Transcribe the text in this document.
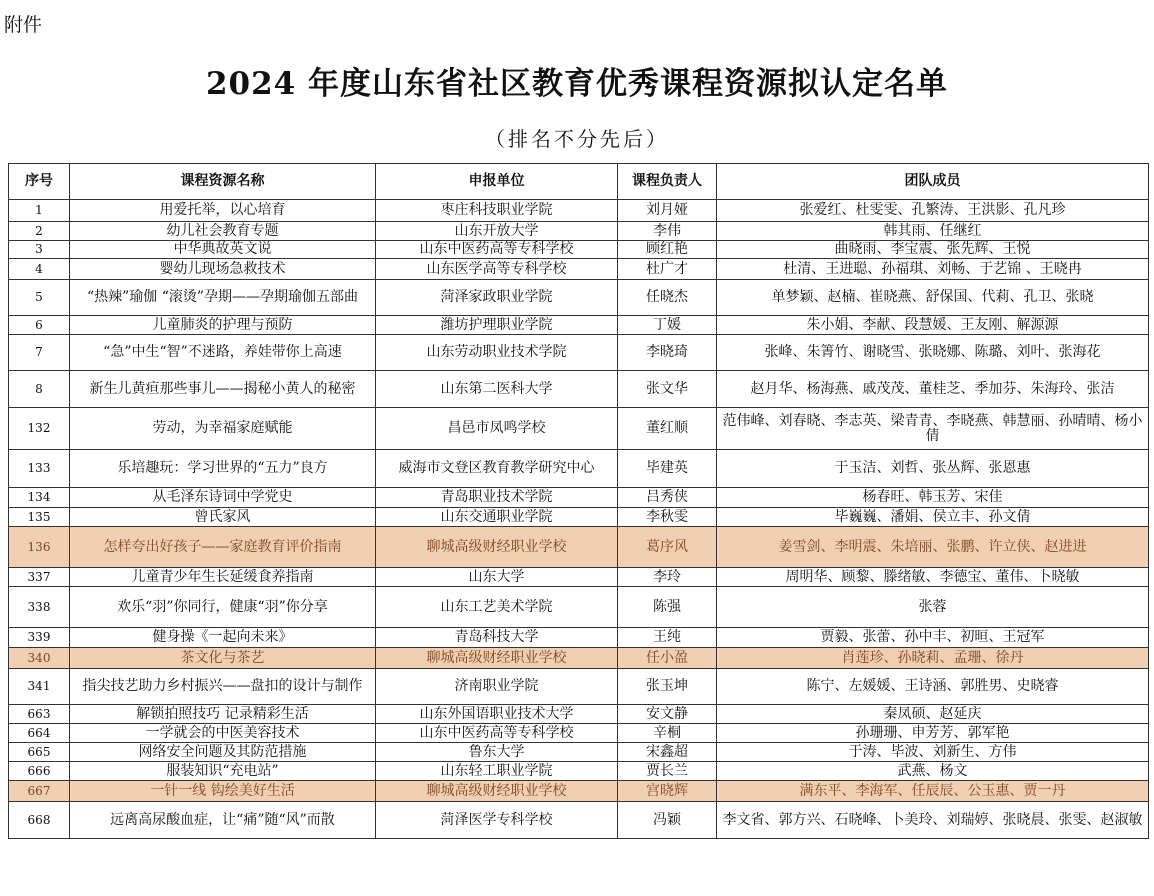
附件
2024 年度山东省社区教育优秀课程资源拟认定名单
（排名不分先后）
序号	课程资源名称	申报单位	课程负责人	团队成员
1	用爱托举，以心培育	枣庄科技职业学院	刘月娅	张爱红、杜雯雯、孔繁涛、王洪影、孔凡珍
2	幼儿社会教育专题	山东开放大学	李伟	韩其雨、任继红
3	中华典故英文说	山东中医药高等专科学校	顾红艳	曲晓雨、李宝震、张先辉、王悦
4	婴幼儿现场急救技术	山东医学高等专科学校	杜广才	杜清、王进聪、孙福琪、刘畅、于艺锦 、王晓冉
5	“热辣”瑜伽 “滚烫”孕期——孕期瑜伽五部曲	菏泽家政职业学院	任晓杰	单梦颖、赵楠、崔晓燕、舒保国、代莉、孔卫、张晓
6	儿童肺炎的护理与预防	潍坊护理职业学院	丁媛	朱小娟、李献、段慧媛、王友刚、解源源
7	“急”中生“智”不迷路，养娃带你上高速	山东劳动职业技术学院	李晓琦	张峰、朱箐竹、谢晓雪、张晓娜、陈璐、刘叶、张海花
8	新生儿黄疸那些事儿——揭秘小黄人的秘密	山东第二医科大学	张文华	赵月华、杨海燕、戚茂茂、董桂芝、季加芬、朱海玲、张洁
132	劳动，为幸福家庭赋能	昌邑市凤鸣学校	董红顺	范伟峰、刘春晓、李志英、梁青青、李晓燕、韩慧丽、孙晴晴、杨小倩
133	乐培趣玩：学习世界的“五力”良方	威海市文登区教育教学研究中心	毕建英	于玉洁、刘哲、张丛辉、张恩惠
134	从毛泽东诗词中学党史	青岛职业技术学院	吕秀侠	杨春旺、韩玉芳、宋佳
135	曾氏家风	山东交通职业学院	李秋雯	毕巍巍、潘娟、侯立丰、孙文倩
136	怎样夸出好孩子——家庭教育评价指南	聊城高级财经职业学校	葛序风	姜雪剑、李明震、朱培丽、张鹏、许立侠、赵进进
337	儿童青少年生长延缓食养指南	山东大学	李玲	周明华、顾黎、滕绪敏、李德宝、董伟、卜晓敏
338	欢乐“羽”你同行，健康“羽”你分享	山东工艺美术学院	陈强	张蓉
339	健身操《一起向未来》	青岛科技大学	王纯	贾毅、张蕾、孙中丰、初晅、王冠军
340	茶文化与茶艺	聊城高级财经职业学校	任小盈	肖莲珍、孙晓莉、孟珊、徐丹
341	指尖技艺助力乡村振兴——盘扣的设计与制作	济南职业学院	张玉坤	陈宁、左媛媛、王诗涵、郭胜男、史晓睿
663	解锁拍照技巧 记录精彩生活	山东外国语职业技术大学	安文静	秦凤硕、赵延庆
664	一学就会的中医美容技术	山东中医药高等专科学校	辛桐	孙珊珊、申芳芳、郭军艳
665	网络安全问题及其防范措施	鲁东大学	宋鑫超	于涛、毕波、刘新生、方伟
666	服装知识“充电站”	山东轻工职业学院	贾长兰	武燕、杨文
667	一针一线 钩绘美好生活	聊城高级财经职业学校	宫晓辉	满东平、李海军、任辰辰、公玉惠、贾一丹
668	远离高尿酸血症，让“痛”随“风”而散	菏泽医学专科学校	冯颖	李文省、郭方兴、石晓峰、卜美玲、刘瑞婷、张晓晨、张雯、赵淑敏
